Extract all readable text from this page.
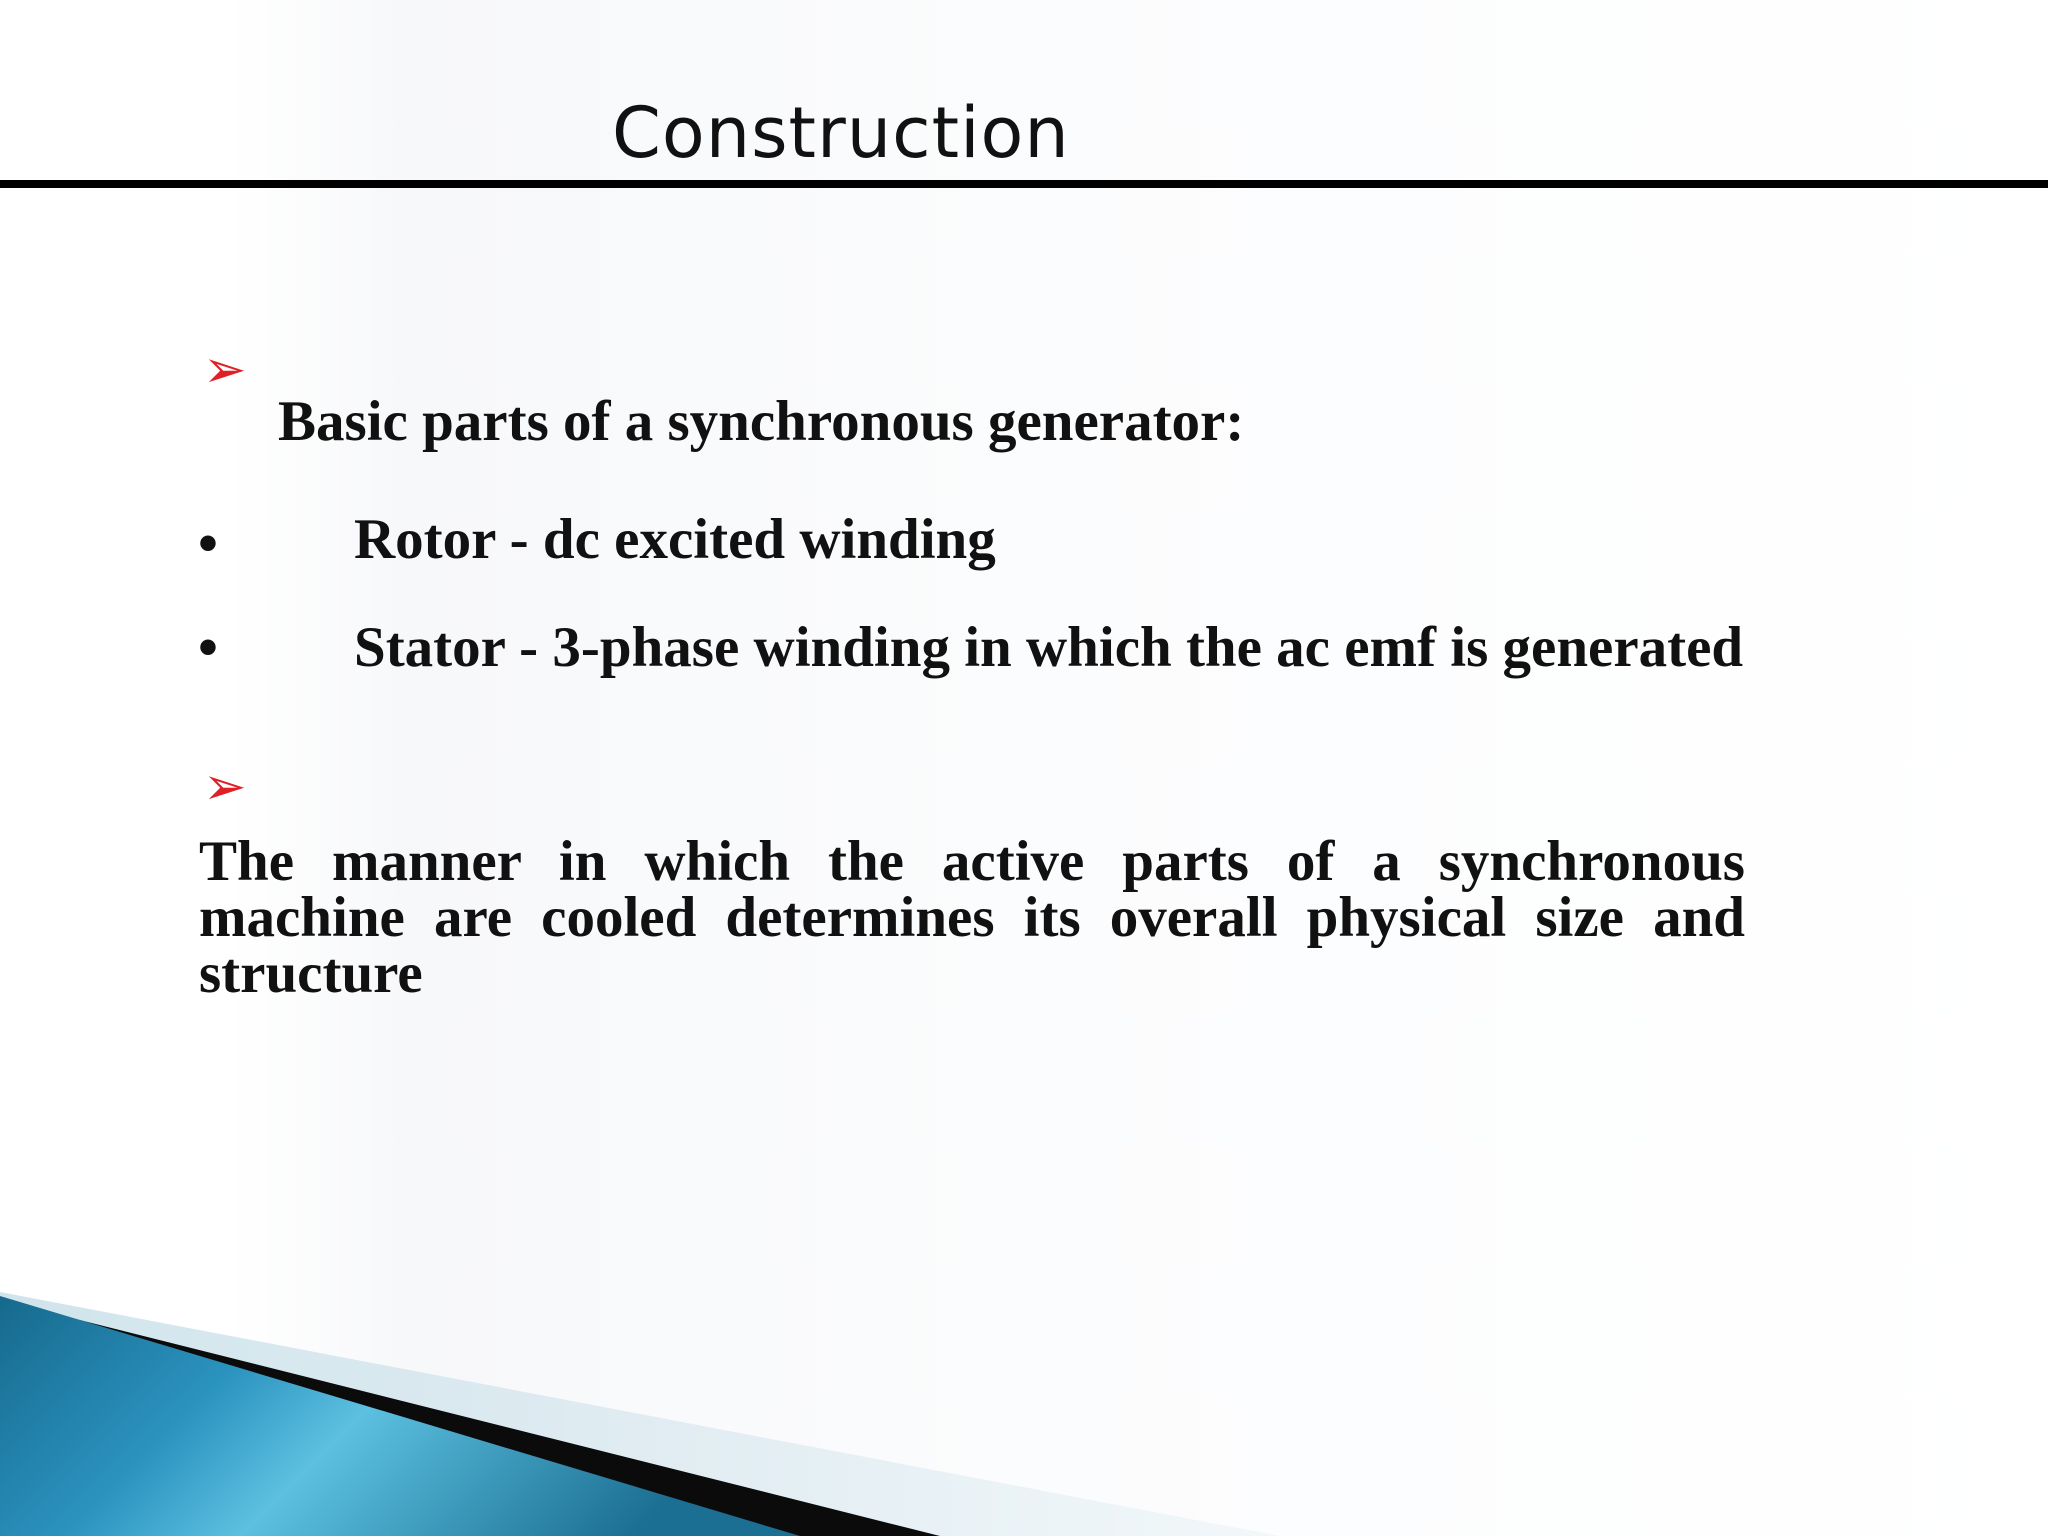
Construction
➢

Basic parts of a synchronous generator:

•	Rotor - dc excited winding

•	Stator - 3-phase winding in which the ac emf is generated

➢

The manner in which the active parts of a synchronous machine are cooled determines its overall physical size and structure
